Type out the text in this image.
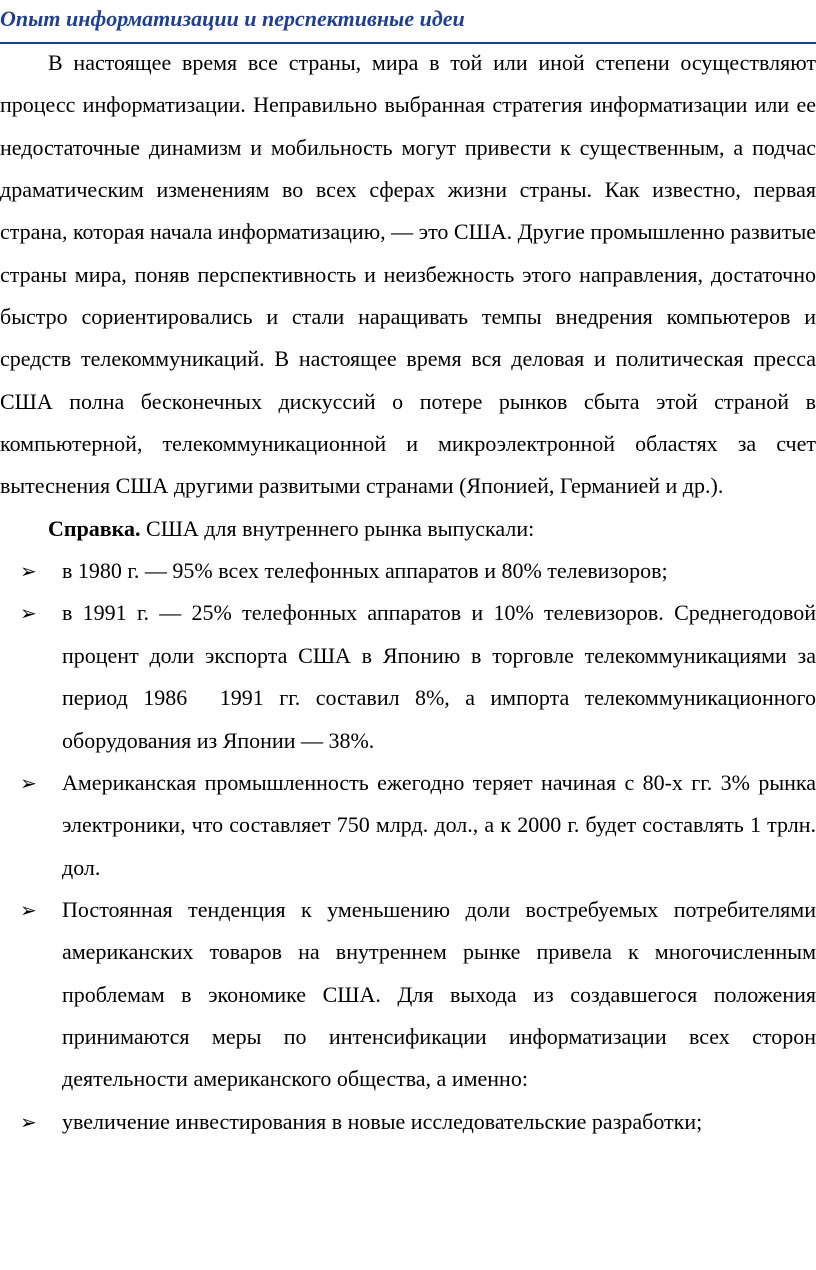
Опыт информатизации и перспективные идеи

В настоящее время все страны, мира в той или иной степени осуществляют процесс информатизации. Неправильно выбранная стратегия информатизации или ее недостаточные динамизм и мобильность могут привести к существенным, а подчас драматическим изменениям во всех сферах жизни страны. Как известно, первая страна, которая начала информатизацию, — это США. Другие промышленно развитые страны мира, поняв перспективность и неизбежность этого направления, достаточно быстро сориентировались и стали наращивать темпы внедрения компьютеров и средств телекоммуникаций. В настоящее время вся деловая и политическая пресса США полна бесконечных дискуссий о потере рынков сбыта этой страной в компьютерной, телекоммуникационной и микроэлектронной областях за счет вытеснения США другими развитыми странами (Японией, Германией и др.).

Справка. США для внутреннего рынка выпускали:

➢	в 1980 г. — 95% всех телефонных аппаратов и 80% телевизоров;
➢	в 1991 г. — 25% телефонных аппаратов и 10% телевизоров. Среднегодовой процент доли экспорта США в Японию в торговле телекоммуникациями за период 1986 1991 гг. составил 8%, а импорта телекоммуникационного оборудования из Японии — 38%.
➢	Американская промышленность ежегодно теряет начиная с 80-х гг. 3% рынка электроники, что составляет 750 млрд. дол., а к 2000 г. будет составлять 1 трлн. дол.
➢	Постоянная тенденция к уменьшению доли востребуемых потребителями американских товаров на внутреннем рынке привела к многочисленным проблемам в экономике США. Для выхода из создавшегося положения принимаются меры по интенсификации информатизации всех сторон деятельности американского общества, а именно:
➢	увеличение инвестирования в новые исследовательские разработки;
